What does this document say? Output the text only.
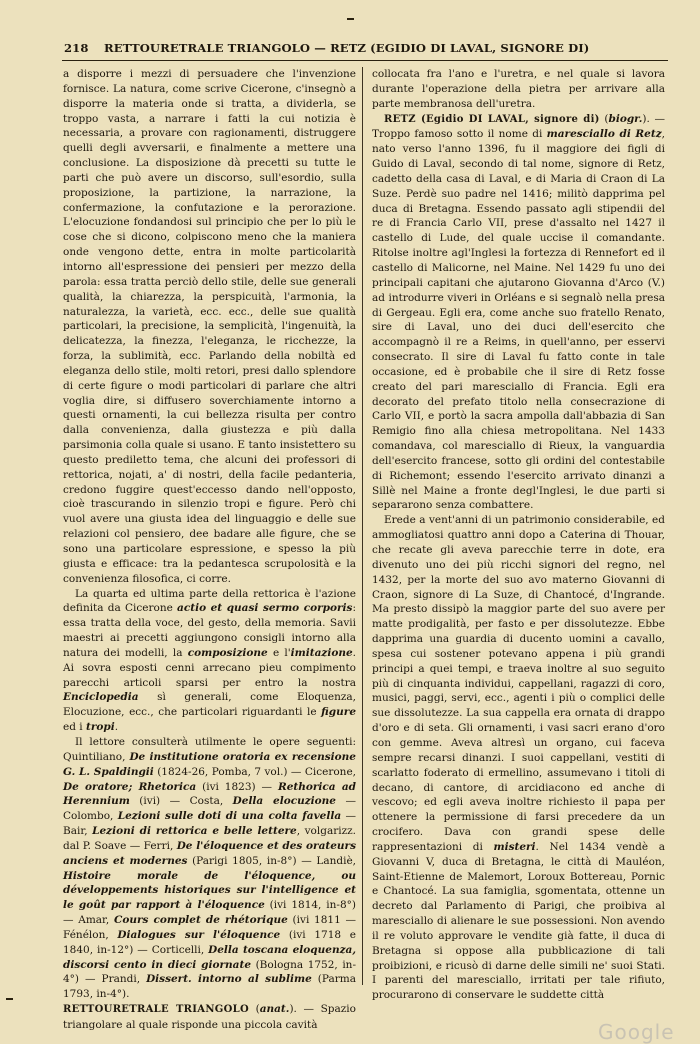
218 RETTOURETRALE TRIANGOLO — RETZ (EGIDIO DI LAVAL, SIGNORE DI)

a disporre i mezzi di persuadere che l'invenzione fornisce. La natura, come scrive Cicerone, c'insegnò a disporre la materia onde si tratta, a dividerla, se troppo vasta, a narrare i fatti la cui notizia è necessaria, a provare con ragionamenti, distruggere quelli degli avversarii, e finalmente a mettere una conclusione. La disposizione dà precetti su tutte le parti che può avere un discorso, sull'esordio, sulla proposizione, la partizione, la narrazione, la confermazione, la confutazione e la perorazione. L'elocuzione fondandosi sul principio che per lo più le cose che si dicono, colpiscono meno che la maniera onde vengono dette, entra in molte particolarità intorno all'espressione dei pensieri per mezzo della parola: essa tratta perciò dello stile, delle sue generali qualità, la chiarezza, la perspicuità, l'armonia, la naturalezza, la varietà, ecc. ecc., delle sue qualità particolari, la precisione, la semplicità, l'ingenuità, la delicatezza, la finezza, l'eleganza, le ricchezze, la forza, la sublimità, ecc. Parlando della nobiltà ed eleganza dello stile, molti retori, presi dallo splendore di certe figure o modi particolari di parlare che altri voglia dire, si diffusero soverchiamente intorno a questi ornamenti, la cui bellezza risulta per contro dalla convenienza, dalla giustezza e più dalla parsimonia colla quale si usano. E tanto insistettero su questo prediletto tema, che alcuni dei professori di rettorica, nojati, a' di nostri, della facile pedanteria, credono fuggire quest'eccesso dando nell'opposto, cioè trascurando in silenzio tropi e figure. Però chi vuol avere una giusta idea del linguaggio e delle sue relazioni col pensiero, dee badare alle figure, che se sono una particolare espressione, e spesso la più giusta e efficace: tra la pedantesca scrupolosità e la convenienza filosofica, ci corre.

La quarta ed ultima parte della rettorica è l'azione definita da Cicerone actio et quasi sermo corporis: essa tratta della voce, del gesto, della memoria. Savii maestri ai precetti aggiungono consigli intorno alla natura dei modelli, la composizione e l'imitazione. Ai sovra esposti cenni arrecano pieu compimento parecchi articoli sparsi per entro la nostra Enciclopedia sì generali, come Eloquenza, Elocuzione, ecc., che particolari riguardanti le figure ed i tropi.

Il lettore consulterà utilmente le opere seguenti: Quintiliano, De institutione oratoria ex recensione G. L. Spaldingii (1824-26, Pomba, 7 vol.) — Cicerone, De oratore; Rhetorica (ivi 1823) — Rethorica ad Herennium (ivi) — Costa, Della elocuzione — Colombo, Lezioni sulle doti di una colta favella — Bair, Lezioni di rettorica e belle lettere, volgarizz. dal P. Soave — Ferri, De l'éloquence et des orateurs anciens et modernes (Parigi 1805, in-8°) — Landiè, Histoire morale de l'éloquence, ou développements historiques sur l'intelligence et le goût par rapport à l'éloquence (ivi 1814, in-8°) — Amar, Cours complet de rhétorique (ivi 1811 — Fénélon, Dialogues sur l'éloquence (ivi 1718 e 1840, in-12°) — Corticelli, Della toscana eloquenza, discorsi cento in dieci giornate (Bologna 1752, in-4°) — Prandi, Dissert. intorno al sublime (Parma 1793, in-4°).

RETTOURETRALE TRIANGOLO (anat.). — Spazio triangolare al quale risponde una piccola cavità

collocata fra l'ano e l'uretra, e nel quale si lavora durante l'operazione della pietra per arrivare alla parte membranosa dell'uretra.

RETZ (Egidio DI LAVAL, signore di) (biogr.). — Troppo famoso sotto il nome di maresciallo di Retz, nato verso l'anno 1396, fu il maggiore dei figli di Guido di Laval, secondo di tal nome, signore di Retz, cadetto della casa di Laval, e di Maria di Craon di La Suze. Perdè suo padre nel 1416; militò dapprima pel duca di Bretagna. Essendo passato agli stipendii del re di Francia Carlo VII, prese d'assalto nel 1427 il castello di Lude, del quale uccise il comandante. Ritolse inoltre agl'Inglesi la fortezza di Rennefort ed il castello di Malicorne, nel Maine. Nel 1429 fu uno dei principali capitani che ajutarono Giovanna d'Arco (V.) ad introdurre viveri in Orléans e si segnalò nella presa di Gergeau. Egli era, come anche suo fratello Renato, sire di Laval, uno dei duci dell'esercito che accompagnò il re a Reims, in quell'anno, per esservi consecrato. Il sire di Laval fu fatto conte in tale occasione, ed è probabile che il sire di Retz fosse creato del pari maresciallo di Francia. Egli era decorato del prefato titolo nella consecrazione di Carlo VII, e portò la sacra ampolla dall'abbazia di San Remigio fino alla chiesa metropolitana. Nel 1433 comandava, col maresciallo di Rieux, la vanguardia dell'esercito francese, sotto gli ordini del contestabile di Richemont; essendo l'esercito arrivato dinanzi a Sillè nel Maine a fronte degl'Inglesi, le due parti si separarono senza combattere.

Erede a vent'anni di un patrimonio considerabile, ed ammogliatosi quattro anni dopo a Caterina di Thouar, che recate gli aveva parecchie terre in dote, era divenuto uno dei più ricchi signori del regno, nel 1432, per la morte del suo avo materno Giovanni di Craon, signore di La Suze, di Chantocé, d'Ingrande. Ma presto dissipò la maggior parte del suo avere per matte prodigalità, per fasto e per dissolutezze. Ebbe dapprima una guardia di ducento uomini a cavallo, spesa cui sostener potevano appena i più grandi principi a quei tempi, e traeva inoltre al suo seguito più di cinquanta individui, cappellani, ragazzi di coro, musici, paggi, servi, ecc., agenti i più o complici delle sue dissolutezze. La sua cappella era ornata di drappo d'oro e di seta. Gli ornamenti, i vasi sacri erano d'oro con gemme. Aveva altresì un organo, cui faceva sempre recarsi dinanzi. I suoi cappellani, vestiti di scarlatto foderato di ermellino, assumevano i titoli di decano, di cantore, di arcidiacono ed anche di vescovo; ed egli aveva inoltre richiesto il papa per ottenere la permissione di farsi precedere da un crocifero. Dava con grandi spese delle rappresentazioni di misteri. Nel 1434 vendè a Giovanni V, duca di Bretagna, le città di Mauléon, Saint-Etienne de Malemort, Loroux Bottereau, Pornic e Chantocé. La sua famiglia, sgomentata, ottenne un decreto dal Parlamento di Parigi, che proibiva al maresciallo di alienare le sue possessioni. Non avendo il re voluto approvare le vendite già fatte, il duca di Bretagna si oppose alla pubblicazione di tali proibizioni, e ricusò di darne delle simili ne' suoi Stati. I parenti del maresciallo, irritati per tale rifiuto, procurarono di conservare le suddette città

Google
